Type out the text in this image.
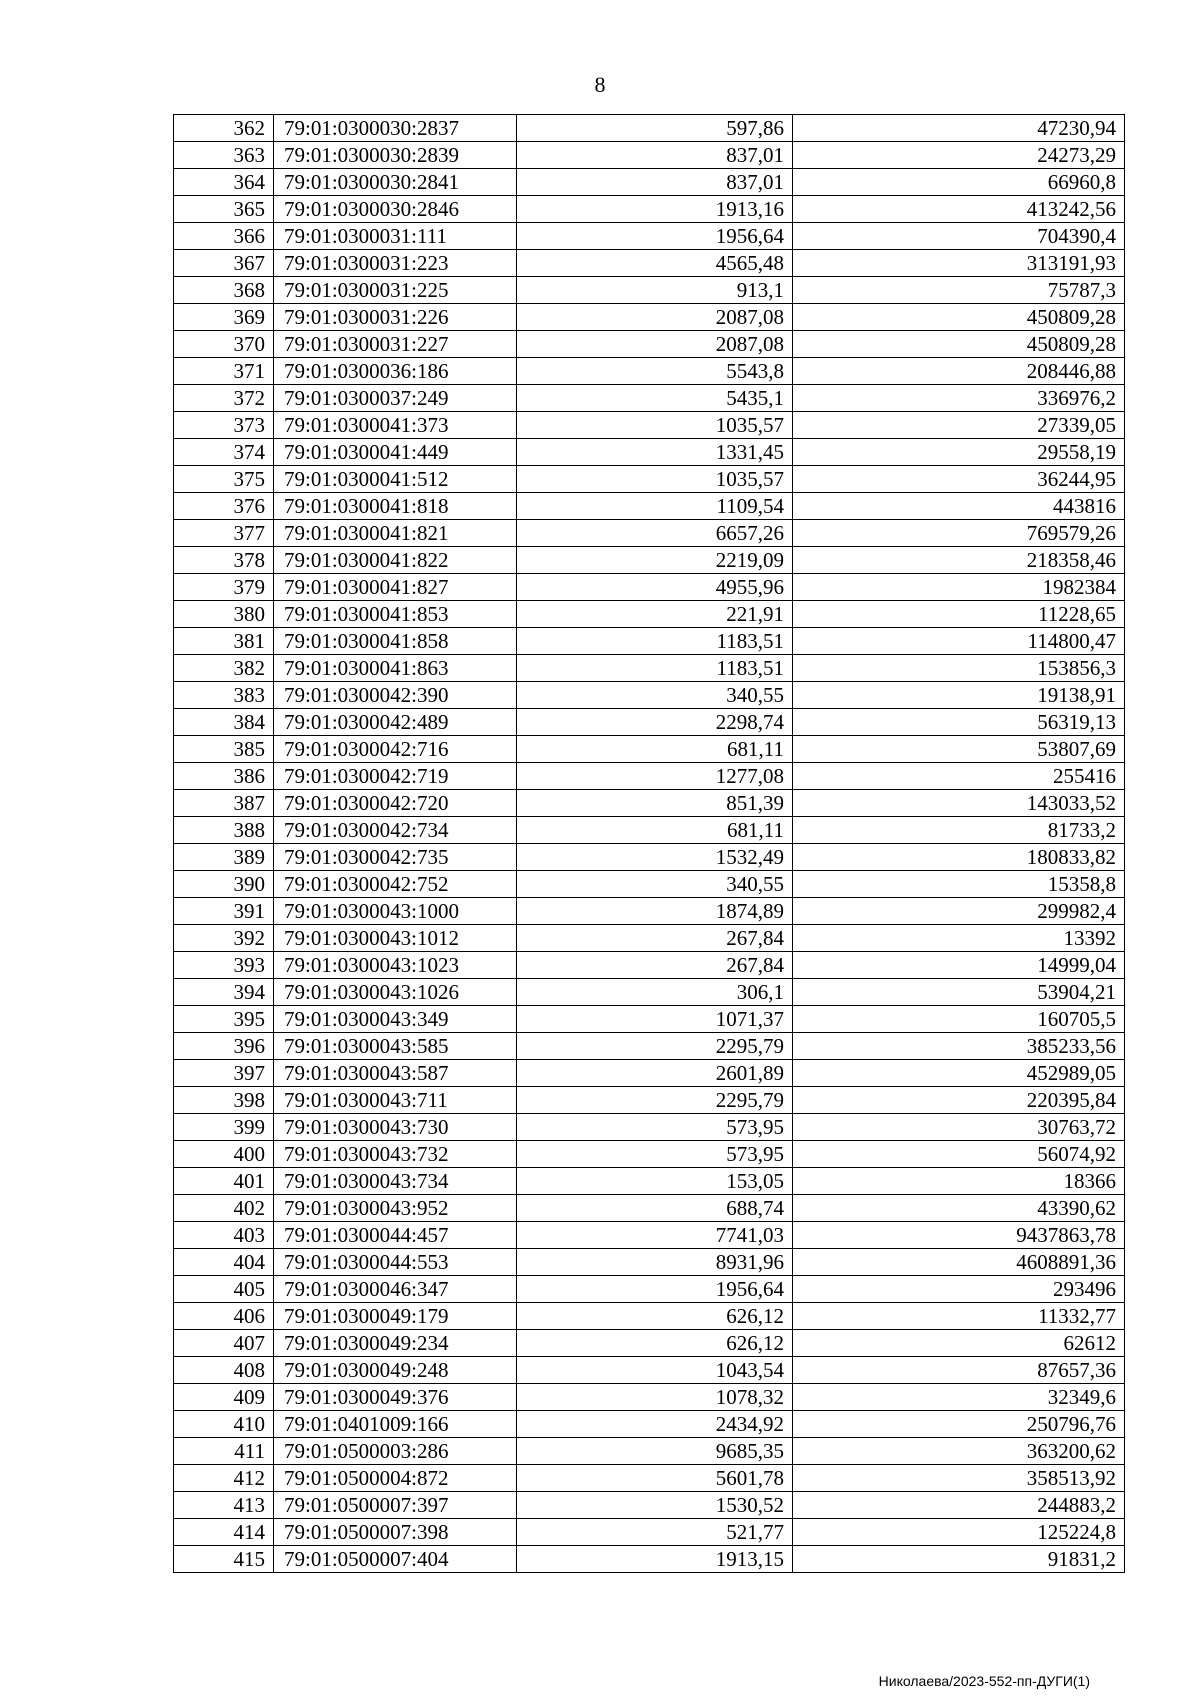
8
362	79:01:0300030:2837	597,86	47230,94
363	79:01:0300030:2839	837,01	24273,29
364	79:01:0300030:2841	837,01	66960,8
365	79:01:0300030:2846	1913,16	413242,56
366	79:01:0300031:111	1956,64	704390,4
367	79:01:0300031:223	4565,48	313191,93
368	79:01:0300031:225	913,1	75787,3
369	79:01:0300031:226	2087,08	450809,28
370	79:01:0300031:227	2087,08	450809,28
371	79:01:0300036:186	5543,8	208446,88
372	79:01:0300037:249	5435,1	336976,2
373	79:01:0300041:373	1035,57	27339,05
374	79:01:0300041:449	1331,45	29558,19
375	79:01:0300041:512	1035,57	36244,95
376	79:01:0300041:818	1109,54	443816
377	79:01:0300041:821	6657,26	769579,26
378	79:01:0300041:822	2219,09	218358,46
379	79:01:0300041:827	4955,96	1982384
380	79:01:0300041:853	221,91	11228,65
381	79:01:0300041:858	1183,51	114800,47
382	79:01:0300041:863	1183,51	153856,3
383	79:01:0300042:390	340,55	19138,91
384	79:01:0300042:489	2298,74	56319,13
385	79:01:0300042:716	681,11	53807,69
386	79:01:0300042:719	1277,08	255416
387	79:01:0300042:720	851,39	143033,52
388	79:01:0300042:734	681,11	81733,2
389	79:01:0300042:735	1532,49	180833,82
390	79:01:0300042:752	340,55	15358,8
391	79:01:0300043:1000	1874,89	299982,4
392	79:01:0300043:1012	267,84	13392
393	79:01:0300043:1023	267,84	14999,04
394	79:01:0300043:1026	306,1	53904,21
395	79:01:0300043:349	1071,37	160705,5
396	79:01:0300043:585	2295,79	385233,56
397	79:01:0300043:587	2601,89	452989,05
398	79:01:0300043:711	2295,79	220395,84
399	79:01:0300043:730	573,95	30763,72
400	79:01:0300043:732	573,95	56074,92
401	79:01:0300043:734	153,05	18366
402	79:01:0300043:952	688,74	43390,62
403	79:01:0300044:457	7741,03	9437863,78
404	79:01:0300044:553	8931,96	4608891,36
405	79:01:0300046:347	1956,64	293496
406	79:01:0300049:179	626,12	11332,77
407	79:01:0300049:234	626,12	62612
408	79:01:0300049:248	1043,54	87657,36
409	79:01:0300049:376	1078,32	32349,6
410	79:01:0401009:166	2434,92	250796,76
411	79:01:0500003:286	9685,35	363200,62
412	79:01:0500004:872	5601,78	358513,92
413	79:01:0500007:397	1530,52	244883,2
414	79:01:0500007:398	521,77	125224,8
415	79:01:0500007:404	1913,15	91831,2
Николаева/2023-552-пп-ДУГИ(1)
